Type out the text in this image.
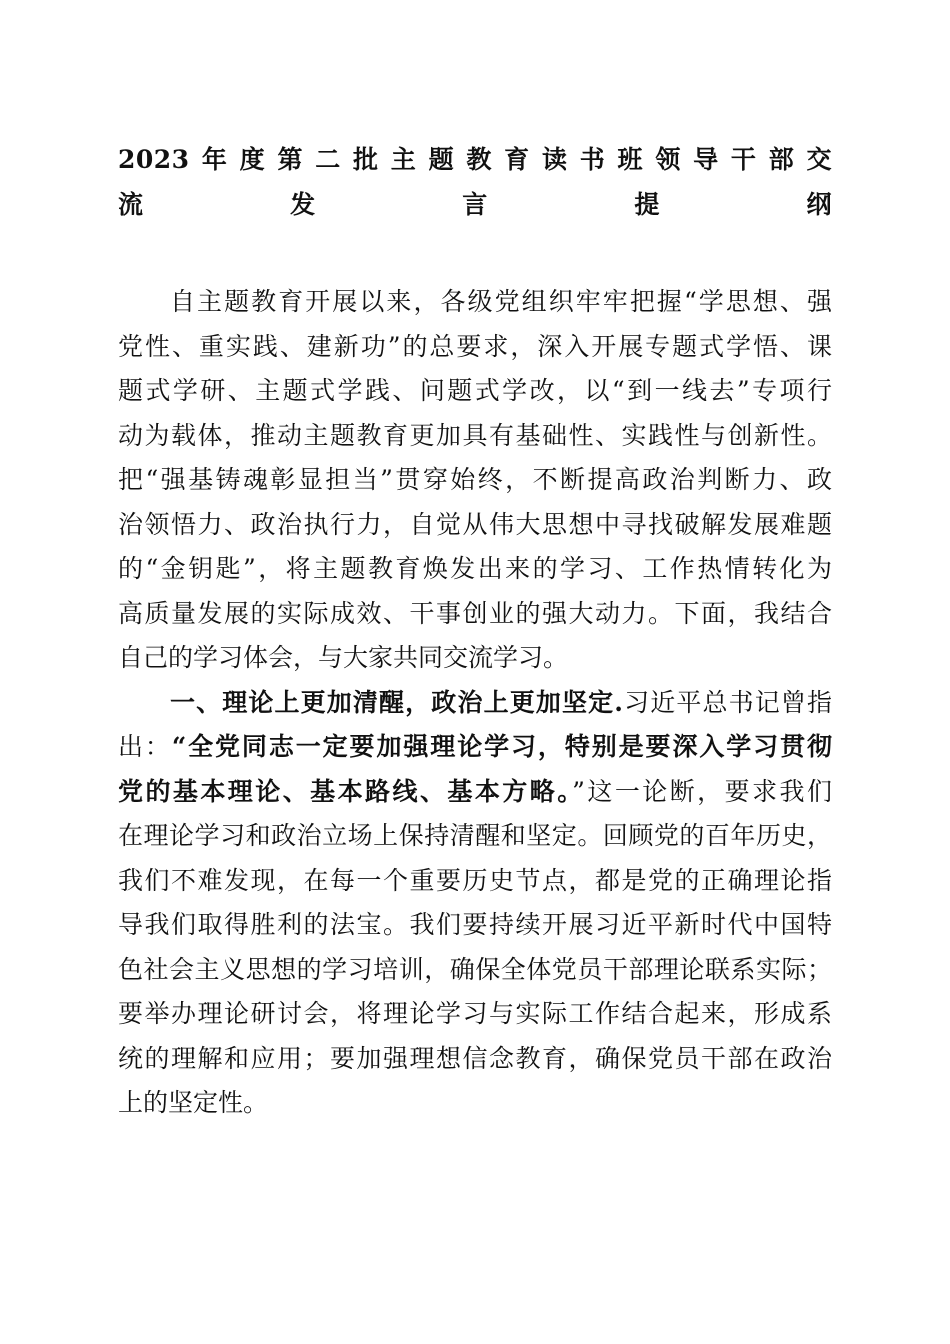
2023年度第二批主题教育读书班领导干部交
流发言提纲
自主题教育开展以来，各级党组织牢牢把握“学思想、强
党性、重实践、建新功”的总要求，深入开展专题式学悟、课
题式学研、主题式学践、问题式学改，以“到一线去”专项行
动为载体，推动主题教育更加具有基础性、实践性与创新性。
把“强基铸魂彰显担当”贯穿始终，不断提高政治判断力、政
治领悟力、政治执行力，自觉从伟大思想中寻找破解发展难题
的“金钥匙”，将主题教育焕发出来的学习、工作热情转化为
高质量发展的实际成效、干事创业的强大动力。下面，我结合
自己的学习体会，与大家共同交流学习。
一、理论上更加清醒，政治上更加坚定.习近平总书记曾指
出：“全党同志一定要加强理论学习，特别是要深入学习贯彻
党的基本理论、基本路线、基本方略。”这一论断，要求我们
在理论学习和政治立场上保持清醒和坚定。回顾党的百年历史，
我们不难发现，在每一个重要历史节点，都是党的正确理论指
导我们取得胜利的法宝。我们要持续开展习近平新时代中国特
色社会主义思想的学习培训，确保全体党员干部理论联系实际；
要举办理论研讨会，将理论学习与实际工作结合起来，形成系
统的理解和应用；要加强理想信念教育，确保党员干部在政治
上的坚定性。
